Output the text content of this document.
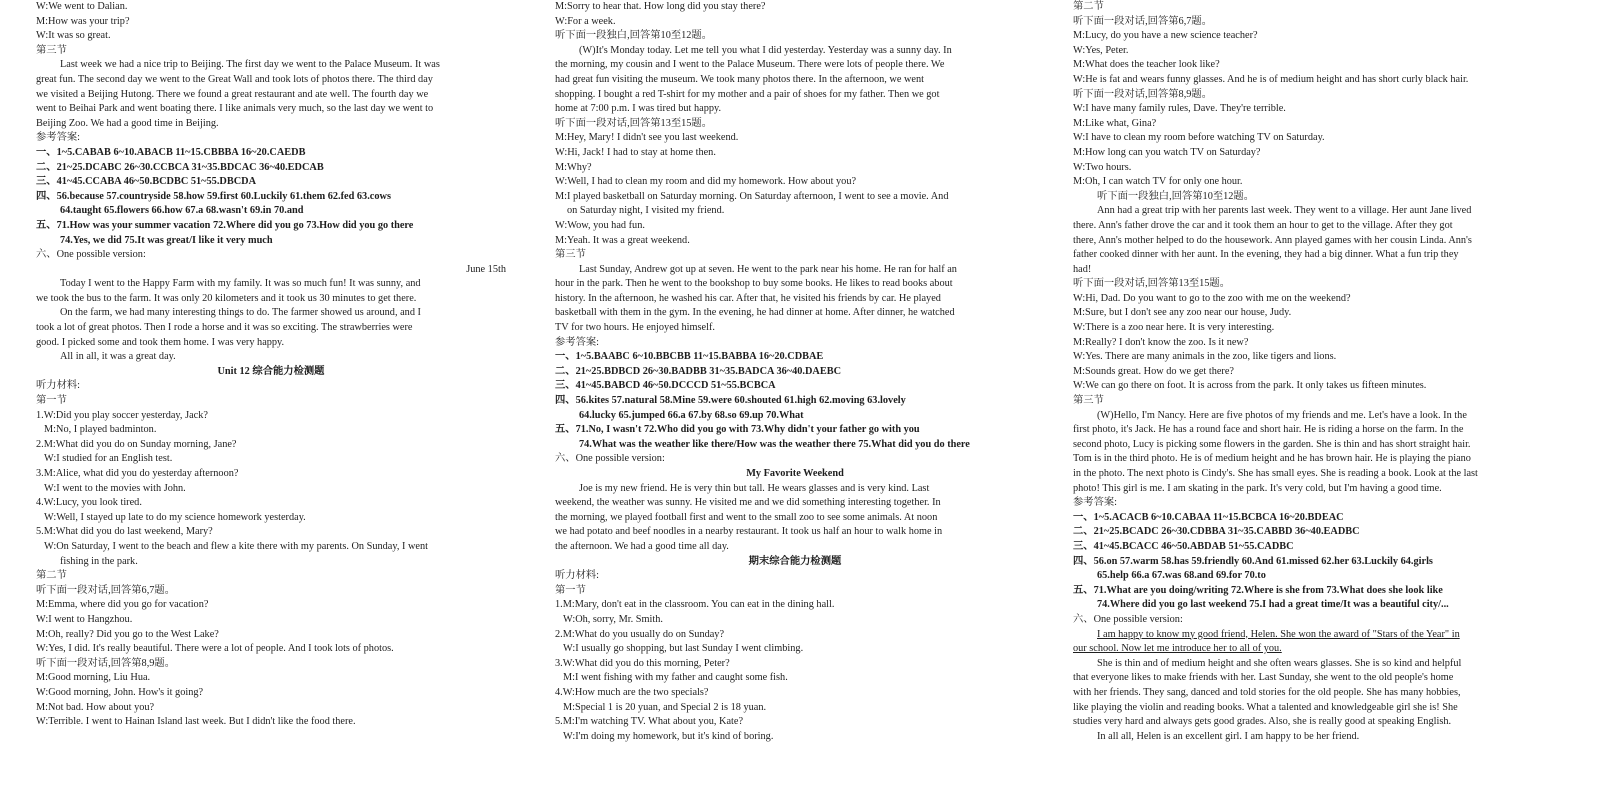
W:We went to Dalian.

M:How was your trip?

W:It was so great.

第三节

Last week we had a nice trip to Beijing. The first day we went to the Palace Museum. It was

great fun. The second day we went to the Great Wall and took lots of photos there. The third day

we visited a Beijing Hutong. There we found a great restaurant and ate well. The fourth day we

went to Beihai Park and went boating there. I like animals very much, so the last day we went to

Beijing Zoo. We had a good time in Beijing.

参考答案:

一、1~5.CABAB 6~10.ABACB 11~15.CBBBA 16~20.CAEDB

二、21~25.DCABC 26~30.CCBCA 31~35.BDCAC 36~40.EDCAB

三、41~45.CCABA 46~50.BCDBC 51~55.DBCDA

四、56.because 57.countryside 58.how 59.first 60.Luckily 61.them 62.fed 63.cows

64.taught 65.flowers 66.how 67.a 68.wasn't 69.in 70.and

五、71.How was your summer vacation 72.Where did you go 73.How did you go there

74.Yes, we did 75.It was great/I like it very much

六、One possible version:

June 15th

Today I went to the Happy Farm with my family. It was so much fun! It was sunny, and

we took the bus to the farm. It was only 20 kilometers and it took us 30 minutes to get there.

On the farm, we had many interesting things to do. The farmer showed us around, and I

took a lot of great photos. Then I rode a horse and it was so exciting. The strawberries were

good. I picked some and took them home. I was very happy.

All in all, it was a great day.

Unit 12 综合能力检测题

听力材料:

第一节

1.W:Did you play soccer yesterday, Jack?

M:No, I played badminton.

2.M:What did you do on Sunday morning, Jane?

W:I studied for an English test.

3.M:Alice, what did you do yesterday afternoon?

W:I went to the movies with John.

4.W:Lucy, you look tired.

W:Well, I stayed up late to do my science homework yesterday.

5.M:What did you do last weekend, Mary?

W:On Saturday, I went to the beach and flew a kite there with my parents. On Sunday, I went

fishing in the park.

第二节

听下面一段对话,回答第6,7题。

M:Emma, where did you go for vacation?

W:I went to Hangzhou.

M:Oh, really? Did you go to the West Lake?

W:Yes, I did. It's really beautiful. There were a lot of people. And I took lots of photos.

听下面一段对话,回答第8,9题。

M:Good morning, Liu Hua.

W:Good morning, John. How's it going?

M:Not bad. How about you?

W:Terrible. I went to Hainan Island last week. But I didn't like the food there.

M:Sorry to hear that. How long did you stay there?

W:For a week.

听下面一段独白,回答第10至12题。

(W)It's Monday today. Let me tell you what I did yesterday. Yesterday was a sunny day. In

the morning, my cousin and I went to the Palace Museum. There were lots of people there. We

had great fun visiting the museum. We took many photos there. In the afternoon, we went

shopping. I bought a red T-shirt for my mother and a pair of shoes for my father. Then we got

home at 7:00 p.m. I was tired but happy.

听下面一段对话,回答第13至15题。

M:Hey, Mary! I didn't see you last weekend.

W:Hi, Jack! I had to stay at home then.

M:Why?

W:Well, I had to clean my room and did my homework. How about you?

M:I played basketball on Saturday morning. On Saturday afternoon, I went to see a movie. And

on Saturday night, I visited my friend.

W:Wow, you had fun.

M:Yeah. It was a great weekend.

第三节

Last Sunday, Andrew got up at seven. He went to the park near his home. He ran for half an

hour in the park. Then he went to the bookshop to buy some books. He likes to read books about

history. In the afternoon, he washed his car. After that, he visited his friends by car. He played

basketball with them in the gym. In the evening, he had dinner at home. After dinner, he watched

TV for two hours. He enjoyed himself.

参考答案:

一、1~5.BAABC 6~10.BBCBB 11~15.BABBA 16~20.CDBAE

二、21~25.BDBCD 26~30.BADBB 31~35.BADCA 36~40.DAEBC

三、41~45.BABCD 46~50.DCCCD 51~55.BCBCA

四、56.kites 57.natural 58.Mine 59.were 60.shouted 61.high 62.moving 63.lovely

64.lucky 65.jumped 66.a 67.by 68.so 69.up 70.What

五、71.No, I wasn't 72.Who did you go with 73.Why didn't your father go with you

74.What was the weather like there/How was the weather there 75.What did you do there

六、One possible version:

My Favorite Weekend

Joe is my new friend. He is very thin but tall. He wears glasses and is very kind. Last

weekend, the weather was sunny. He visited me and we did something interesting together. In

the morning, we played football first and went to the small zoo to see some animals. At noon

we had potato and beef noodles in a nearby restaurant. It took us half an hour to walk home in

the afternoon. We had a good time all day.

期末综合能力检测题

听力材料:

第一节

1.M:Mary, don't eat in the classroom. You can eat in the dining hall.

W:Oh, sorry, Mr. Smith.

2.M:What do you usually do on Sunday?

W:I usually go shopping, but last Sunday I went climbing.

3.W:What did you do this morning, Peter?

M:I went fishing with my father and caught some fish.

4.W:How much are the two specials?

M:Special 1 is 20 yuan, and Special 2 is 18 yuan.

5.M:I'm watching TV. What about you, Kate?

W:I'm doing my homework, but it's kind of boring.

第二节

听下面一段对话,回答第6,7题。

M:Lucy, do you have a new science teacher?

W:Yes, Peter.

M:What does the teacher look like?

W:He is fat and wears funny glasses. And he is of medium height and has short curly black hair.

听下面一段对话,回答第8,9题。

W:I have many family rules, Dave. They're terrible.

M:Like what, Gina?

W:I have to clean my room before watching TV on Saturday.

M:How long can you watch TV on Saturday?

W:Two hours.

M:Oh, I can watch TV for only one hour.

听下面一段独白,回答第10至12题。

Ann had a great trip with her parents last week. They went to a village. Her aunt Jane lived

there. Ann's father drove the car and it took them an hour to get to the village. After they got

there, Ann's mother helped to do the housework. Ann played games with her cousin Linda. Ann's

father cooked dinner with her aunt. In the evening, they had a big dinner. What a fun trip they

had!

听下面一段对话,回答第13至15题。

W:Hi, Dad. Do you want to go to the zoo with me on the weekend?

M:Sure, but I don't see any zoo near our house, Judy.

W:There is a zoo near here. It is very interesting.

M:Really? I don't know the zoo. Is it new?

W:Yes. There are many animals in the zoo, like tigers and lions.

M:Sounds great. How do we get there?

W:We can go there on foot. It is across from the park. It only takes us fifteen minutes.

第三节

(W)Hello, I'm Nancy. Here are five photos of my friends and me. Let's have a look. In the

first photo, it's Jack. He has a round face and short hair. He is riding a horse on the farm. In the

second photo, Lucy is picking some flowers in the garden. She is thin and has short straight hair.

Tom is in the third photo. He is of medium height and he has brown hair. He is playing the piano

in the photo. The next photo is Cindy's. She has small eyes. She is reading a book. Look at the last

photo! This girl is me. I am skating in the park. It's very cold, but I'm having a good time.

参考答案:

一、1~5.ACACB 6~10.CABAA 11~15.BCBCA 16~20.BDEAC

二、21~25.BCADC 26~30.CDBBA 31~35.CABBD 36~40.EADBC

三、41~45.BCACC 46~50.ABDAB 51~55.CADBC

四、56.on 57.warm 58.has 59.friendly 60.And 61.missed 62.her 63.Luckily 64.girls

65.help 66.a 67.was 68.and 69.for 70.to

五、71.What are you doing/writing 72.Where is she from 73.What does she look like

74.Where did you go last weekend 75.I had a great time/It was a beautiful city/...

六、One possible version:

I am happy to know my good friend, Helen. She won the award of "Stars of the Year" in

our school. Now let me introduce her to all of you.

She is thin and of medium height and she often wears glasses. She is so kind and helpful

that everyone likes to make friends with her. Last Sunday, she went to the old people's home

with her friends. They sang, danced and told stories for the old people. She has many hobbies,

like playing the violin and reading books. What a talented and knowledgeable girl she is! She

studies very hard and always gets good grades. Also, she is really good at speaking English.

In all all, Helen is an excellent girl. I am happy to be her friend.
